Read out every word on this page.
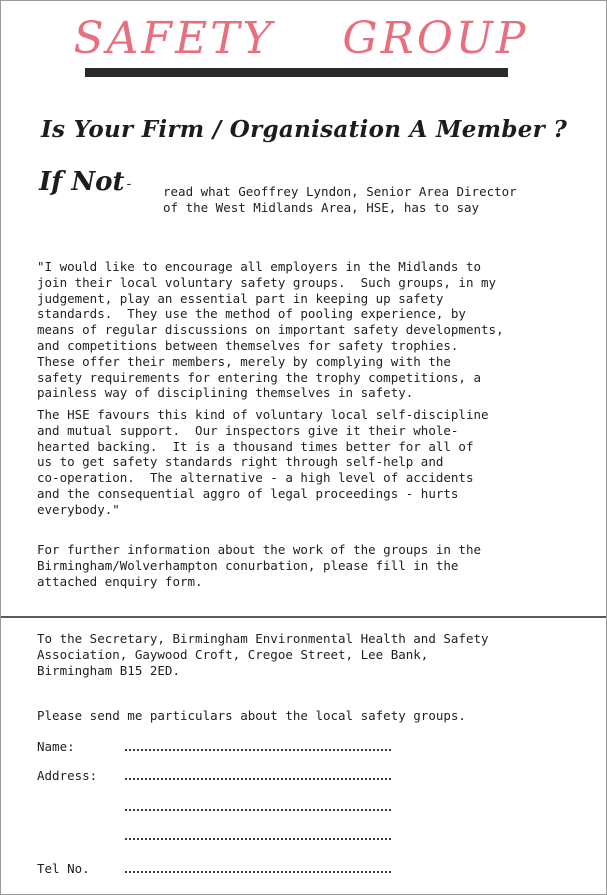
SAFETY    GROUP
Is Your Firm / Organisation A Member ?
If Not - read what Geoffrey Lyndon, Senior Area Director
of the West Midlands Area, HSE, has to say
"I would like to encourage all employers in the Midlands to
join their local voluntary safety groups.  Such groups, in my
judgement, play an essential part in keeping up safety
standards.  They use the method of pooling experience, by
means of regular discussions on important safety developments,
and competitions between themselves for safety trophies.
These offer their members, merely by complying with the
safety requirements for entering the trophy competitions, a
painless way of disciplining themselves in safety.
The HSE favours this kind of voluntary local self-discipline
and mutual support.  Our inspectors give it their whole-
hearted backing.  It is a thousand times better for all of
us to get safety standards right through self-help and
co-operation.  The alternative - a high level of accidents
and the consequential aggro of legal proceedings - hurts
everybody."
For further information about the work of the groups in the
Birmingham/Wolverhampton conurbation, please fill in the
attached enquiry form.
To the Secretary, Birmingham Environmental Health and Safety
Association, Gaywood Croft, Cregoe Street, Lee Bank,
Birmingham B15 2ED.
Please send me particulars about the local safety groups.
Name:
Address:
Tel No.
